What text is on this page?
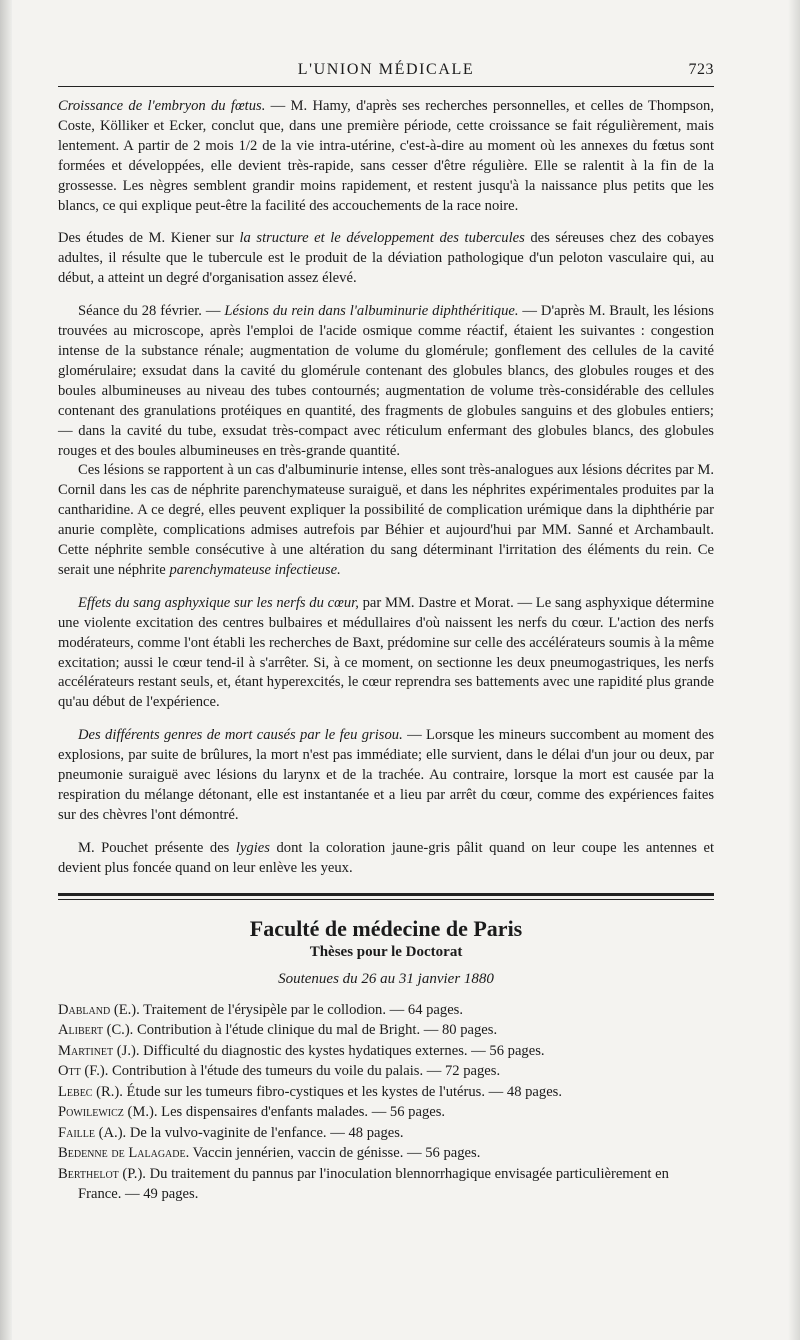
L'UNION MÉDICALE	723

Croissance de l'embryon du fœtus. — M. Hamy, d'après ses recherches personnelles, et celles de Thompson, Coste, Kölliker et Ecker, conclut que, dans une première période, cette croissance se fait régulièrement, mais lentement. A partir de 2 mois 1/2 de la vie intra-utérine, c'est-à-dire au moment où les annexes du fœtus sont formées et développées, elle devient très-rapide, sans cesser d'être régulière. Elle se ralentit à la fin de la grossesse. Les nègres semblent grandir moins rapidement, et restent jusqu'à la naissance plus petits que les blancs, ce qui explique peut-être la facilité des accouchements de la race noire.

Des études de M. Kiener sur la structure et le développement des tubercules des séreuses chez des cobayes adultes, il résulte que le tubercule est le produit de la déviation pathologique d'un peloton vasculaire qui, au début, a atteint un degré d'organisation assez élevé.

Séance du 28 février. — Lésions du rein dans l'albuminurie diphthéritique. — D'après M. Brault, les lésions trouvées au microscope, après l'emploi de l'acide osmique comme réactif, étaient les suivantes : congestion intense de la substance rénale; augmentation de volume du glomérule; gonflement des cellules de la cavité glomérulaire; exsudat dans la cavité du glomérule contenant des globules blancs, des globules rouges et des boules albumineuses au niveau des tubes contournés; augmentation de volume très-considérable des cellules contenant des granulations protéiques en quantité, des fragments de globules sanguins et des globules entiers; — dans la cavité du tube, exsudat très-compact avec réticulum enfermant des globules blancs, des globules rouges et des boules albumineuses en très-grande quantité.

Ces lésions se rapportent à un cas d'albuminurie intense, elles sont très-analogues aux lésions décrites par M. Cornil dans les cas de néphrite parenchymateuse suraiguë, et dans les néphrites expérimentales produites par la cantharidine. A ce degré, elles peuvent expliquer la possibilité de complication urémique dans la diphthérie par anurie complète, complications admises autrefois par Béhier et aujourd'hui par MM. Sanné et Archambault. Cette néphrite semble consécutive à une altération du sang déterminant l'irritation des éléments du rein. Ce serait une néphrite parenchymateuse infectieuse.

Effets du sang asphyxique sur les nerfs du cœur, par MM. Dastre et Morat. — Le sang asphyxique détermine une violente excitation des centres bulbaires et médullaires d'où naissent les nerfs du cœur. L'action des nerfs modérateurs, comme l'ont établi les recherches de Baxt, prédomine sur celle des accélérateurs soumis à la même excitation; aussi le cœur tend-il à s'arrêter. Si, à ce moment, on sectionne les deux pneumogastriques, les nerfs accélérateurs restant seuls, et, étant hyperexcités, le cœur reprendra ses battements avec une rapidité plus grande qu'au début de l'expérience.

Des différents genres de mort causés par le feu grisou. — Lorsque les mineurs succombent au moment des explosions, par suite de brûlures, la mort n'est pas immédiate; elle survient, dans le délai d'un jour ou deux, par pneumonie suraiguë avec lésions du larynx et de la trachée. Au contraire, lorsque la mort est causée par la respiration du mélange détonant, elle est instantanée et a lieu par arrêt du cœur, comme des expériences faites sur des chèvres l'ont démontré.

M. Pouchet présente des lygies dont la coloration jaune-gris pâlit quand on leur coupe les antennes et devient plus foncée quand on leur enlève les yeux.

Faculté de médecine de Paris
Thèses pour le Doctorat
Soutenues du 26 au 31 janvier 1880
Dabland (E.). Traitement de l'érysipèle par le collodion. — 64 pages.
Alibert (C.). Contribution à l'étude clinique du mal de Bright. — 80 pages.
Martinet (J.). Difficulté du diagnostic des kystes hydatiques externes. — 56 pages.
Ott (F.). Contribution à l'étude des tumeurs du voile du palais. — 72 pages.
Lebec (R.). Étude sur les tumeurs fibro-cystiques et les kystes de l'utérus. — 48 pages.
Powilewicz (M.). Les dispensaires d'enfants malades. — 56 pages.
Faille (A.). De la vulvo-vaginite de l'enfance. — 48 pages.
Bedenne de Lalagade. Vaccin jennérien, vaccin de génisse. — 56 pages.
Berthelot (P.). Du traitement du pannus par l'inoculation blennorrhagique envisagée particulièrement en France. — 49 pages.
